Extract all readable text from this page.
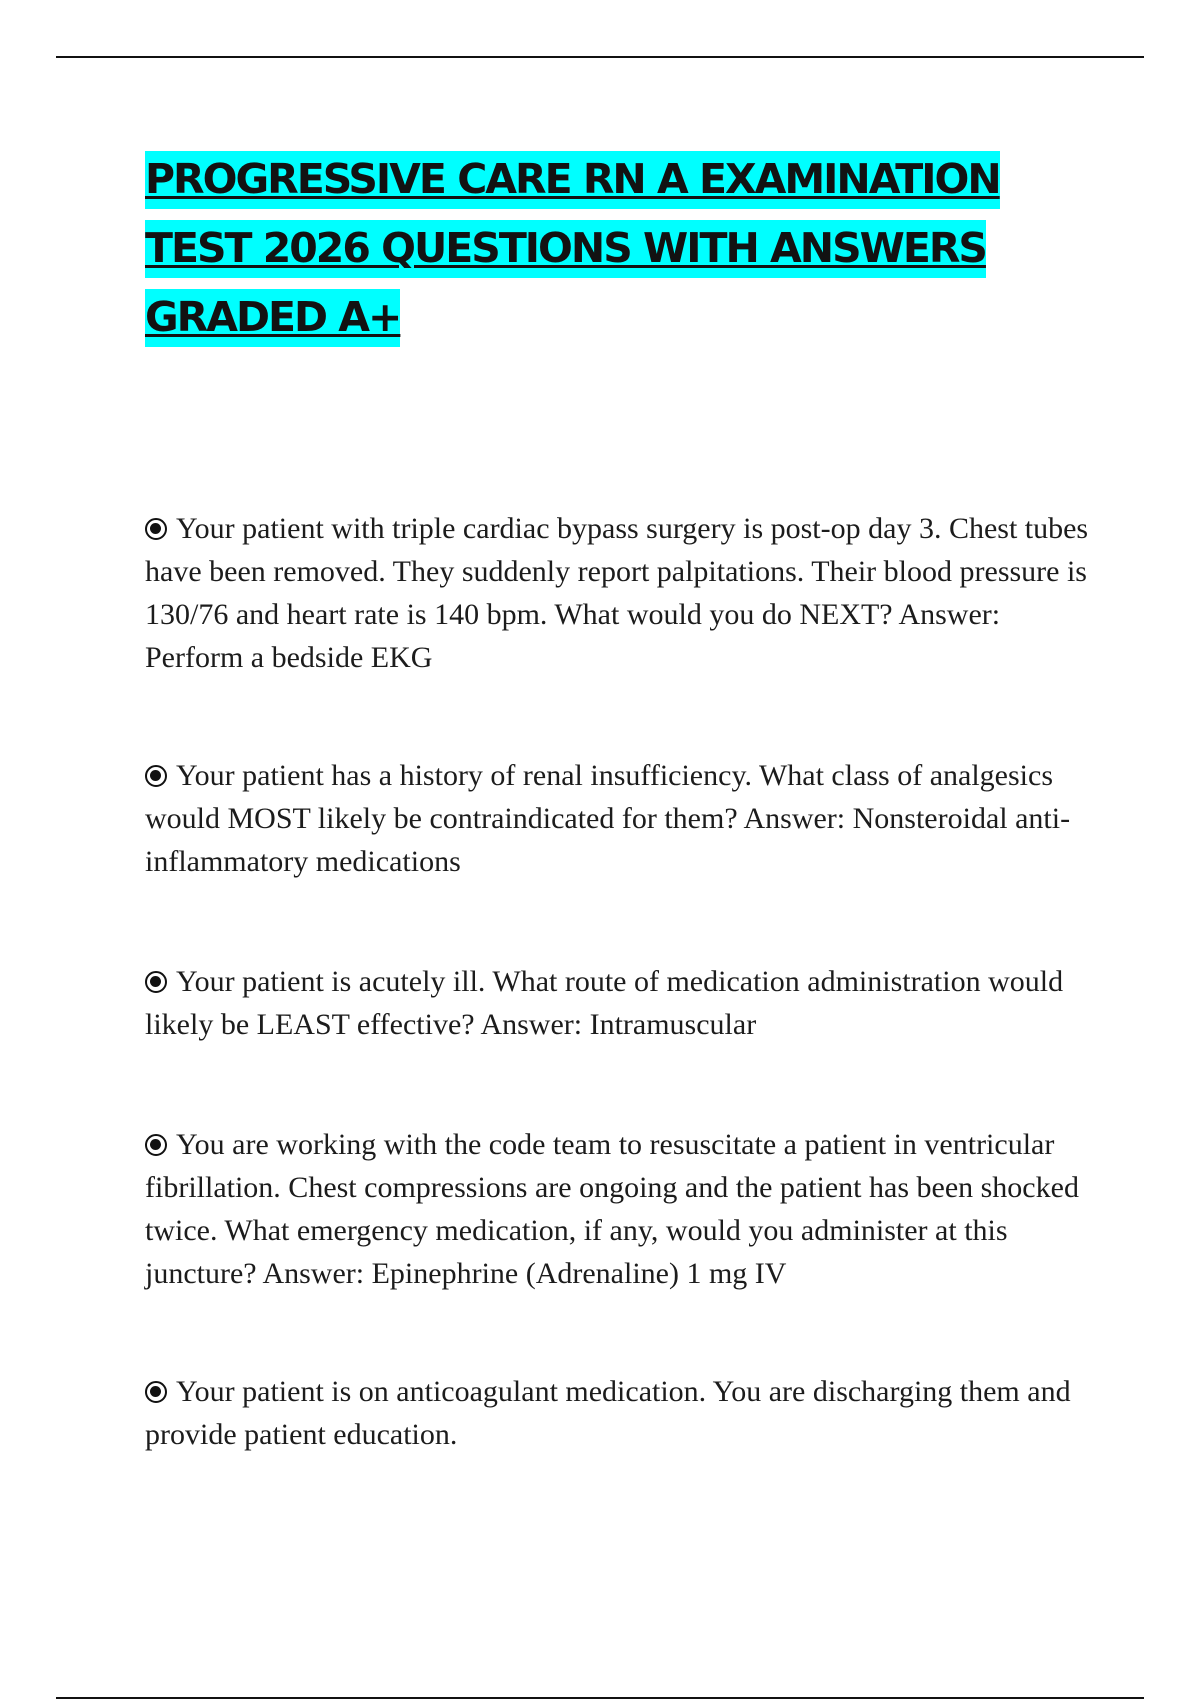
PROGRESSIVE CARE RN A EXAMINATION TEST 2026 QUESTIONS WITH ANSWERS GRADED A+

Your patient with triple cardiac bypass surgery is post-op day 3. Chest tubes have been removed. They suddenly report palpitations. Their blood pressure is 130/76 and heart rate is 140 bpm. What would you do NEXT? Answer: Perform a bedside EKG

Your patient has a history of renal insufficiency. What class of analgesics would MOST likely be contraindicated for them? Answer: Nonsteroidal anti-inflammatory medications

Your patient is acutely ill. What route of medication administration would likely be LEAST effective? Answer: Intramuscular

You are working with the code team to resuscitate a patient in ventricular fibrillation. Chest compressions are ongoing and the patient has been shocked twice. What emergency medication, if any, would you administer at this juncture? Answer: Epinephrine (Adrenaline) 1 mg IV

Your patient is on anticoagulant medication. You are discharging them and provide patient education.
